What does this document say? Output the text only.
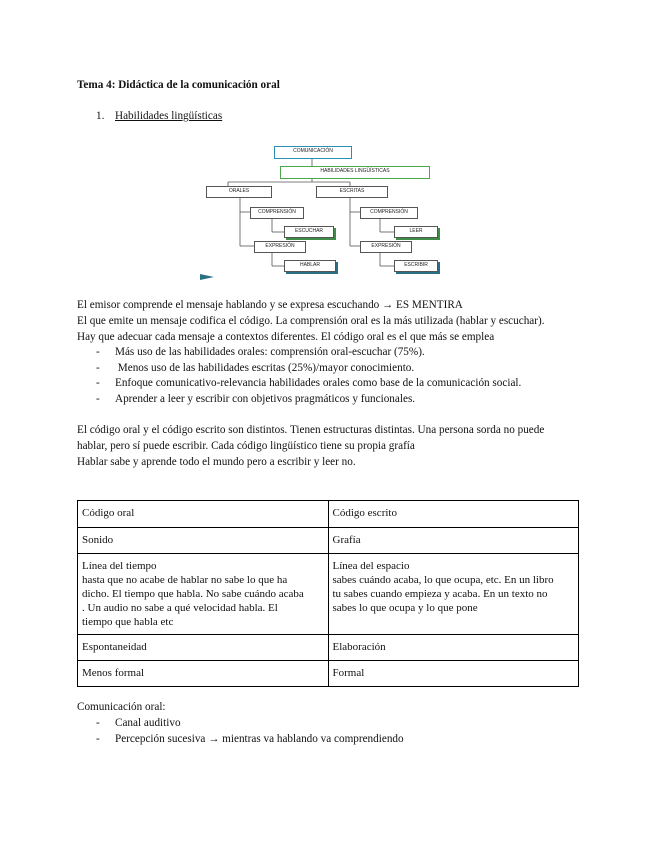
Tema 4: Didáctica de la comunicación oral
1. Habilidades lingüísticas
COMUNICACIÓN
HABILIDADES LINGÜÍSTICAS
ORALES	ESCRITAS
COMPRENSIÓN
ESCUCHAR
EXPRESIÓN
HABLAR
COMPRENSIÓN
LEER
EXPRESIÓN
ESCRIBIR
El emisor comprende el mensaje hablando y se expresa escuchando → ES MENTIRA
El que emite un mensaje codifica el código. La comprensión oral es la más utilizada (hablar y escuchar).
Hay que adecuar cada mensaje a contextos diferentes. El código oral es el que más se emplea
- Más uso de las habilidades orales: comprensión oral-escuchar (75%).
- Menos uso de las habilidades escritas (25%)/mayor conocimiento.
- Enfoque comunicativo-relevancia habilidades orales como base de la comunicación social.
- Aprender a leer y escribir con objetivos pragmáticos y funcionales.
El código oral y el código escrito son distintos. Tienen estructuras distintas. Una persona sorda no puede
hablar, pero sí puede escribir. Cada código lingüístico tiene su propia grafía
Hablar sabe y aprende todo el mundo pero a escribir y leer no.
Código oral	Código escrito

Sonido	Grafía

Línea del tiempo
hasta que no acabe de hablar no sabe lo que ha
dicho. El tiempo que habla. No sabe cuándo acaba
. Un audio no sabe a qué velocidad habla. El
tiempo que habla etc	Línea del espacio
sabes cuándo acaba, lo que ocupa, etc. En un libro
tu sabes cuando empieza y acaba. En un texto no
sabes lo que ocupa y lo que pone

Espontaneidad	Elaboración

Menos formal	Formal
Comunicación oral:
- Canal auditivo
- Percepción sucesiva → mientras va hablando va comprendiendo
